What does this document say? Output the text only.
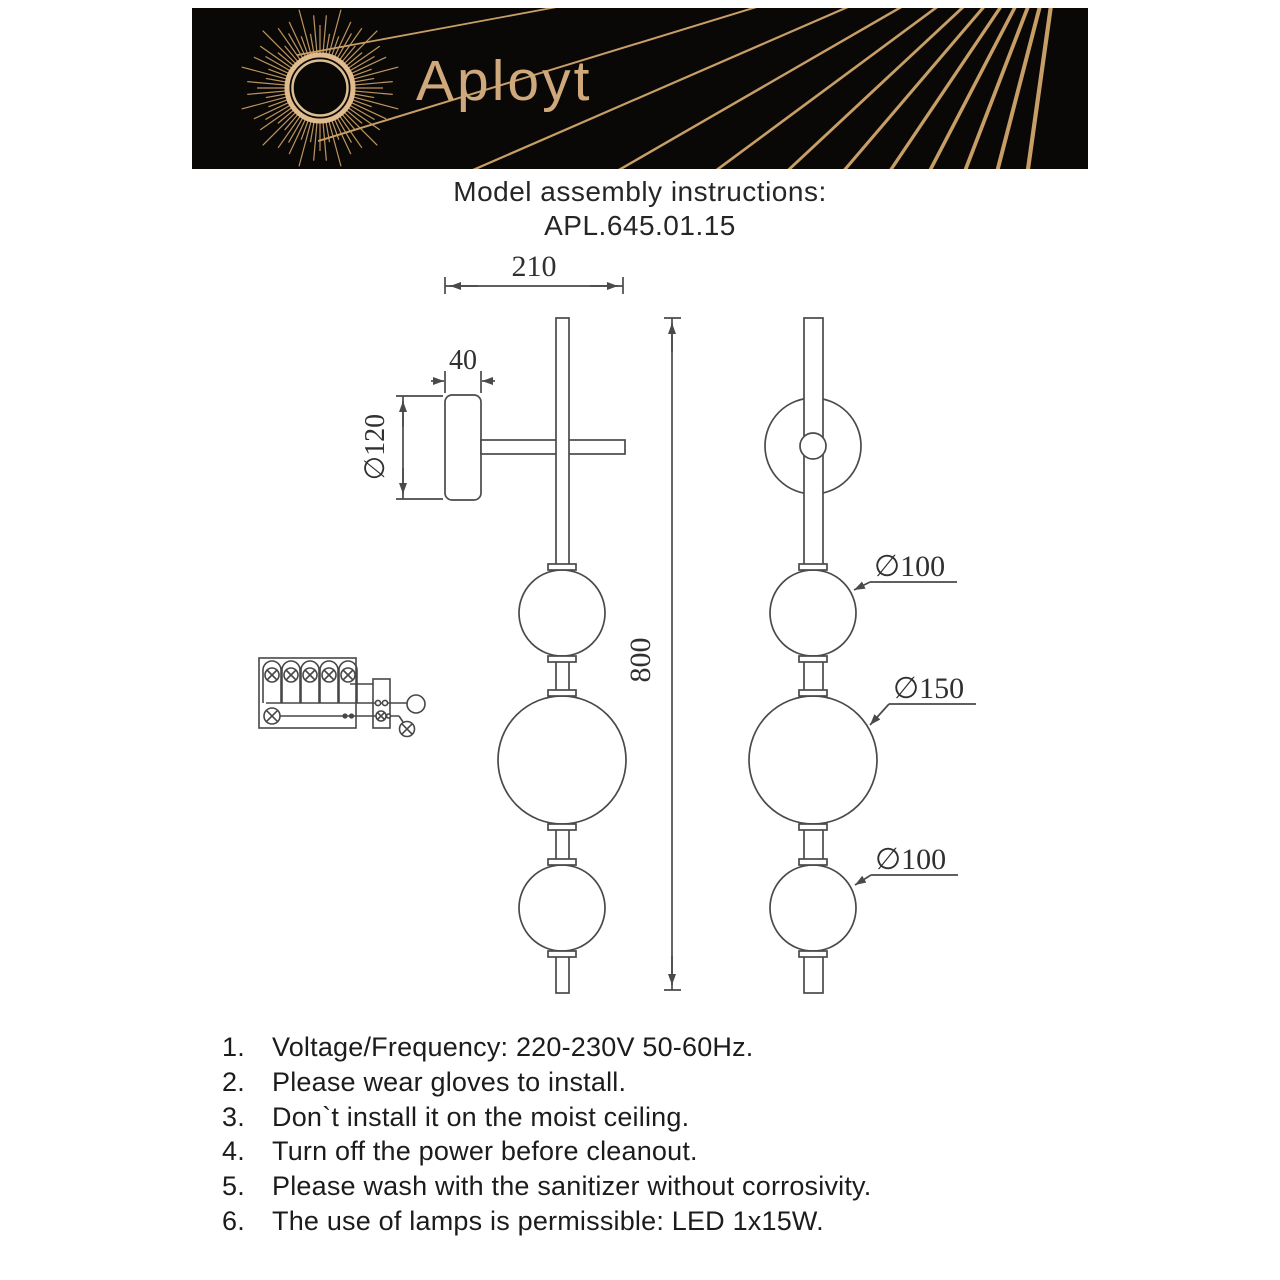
Aployt
Model assembly instructions:
APL.645.01.15
∅100
∅150
∅100
210
40
∅120
800
1.	Voltage/Frequency: 220-230V 50-60Hz.
2.	Please wear gloves to install.
3.	Don`t install it on the moist ceiling.
4.	Turn off the power before cleanout.
5.	Please wash with the sanitizer without corrosivity.
6.	The use of lamps is permissible: LED 1x15W.
